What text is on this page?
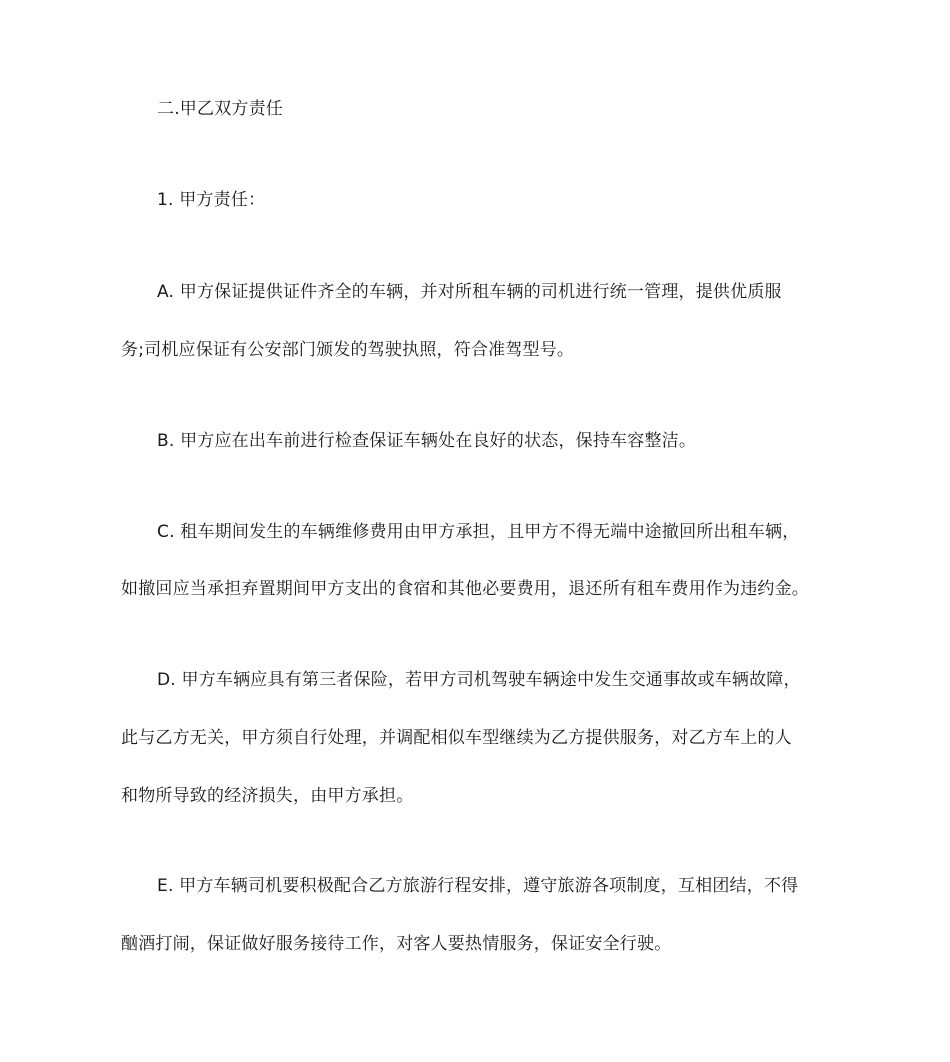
二.甲乙双方责任
1. 甲方责任：
A. 甲方保证提供证件齐全的车辆，并对所租车辆的司机进行统一管理，提供优质服
务;司机应保证有公安部门颁发的驾驶执照，符合准驾型号。
B. 甲方应在出车前进行检查保证车辆处在良好的状态，保持车容整洁。
C. 租车期间发生的车辆维修费用由甲方承担，且甲方不得无端中途撤回所出租车辆，
如撤回应当承担弃置期间甲方支出的食宿和其他必要费用，退还所有租车费用作为违约金。
D. 甲方车辆应具有第三者保险，若甲方司机驾驶车辆途中发生交通事故或车辆故障，
此与乙方无关，甲方须自行处理，并调配相似车型继续为乙方提供服务，对乙方车上的人
和物所导致的经济损失，由甲方承担。
E. 甲方车辆司机要积极配合乙方旅游行程安排，遵守旅游各项制度，互相团结，不得
酗酒打闹，保证做好服务接待工作，对客人要热情服务，保证安全行驶。
